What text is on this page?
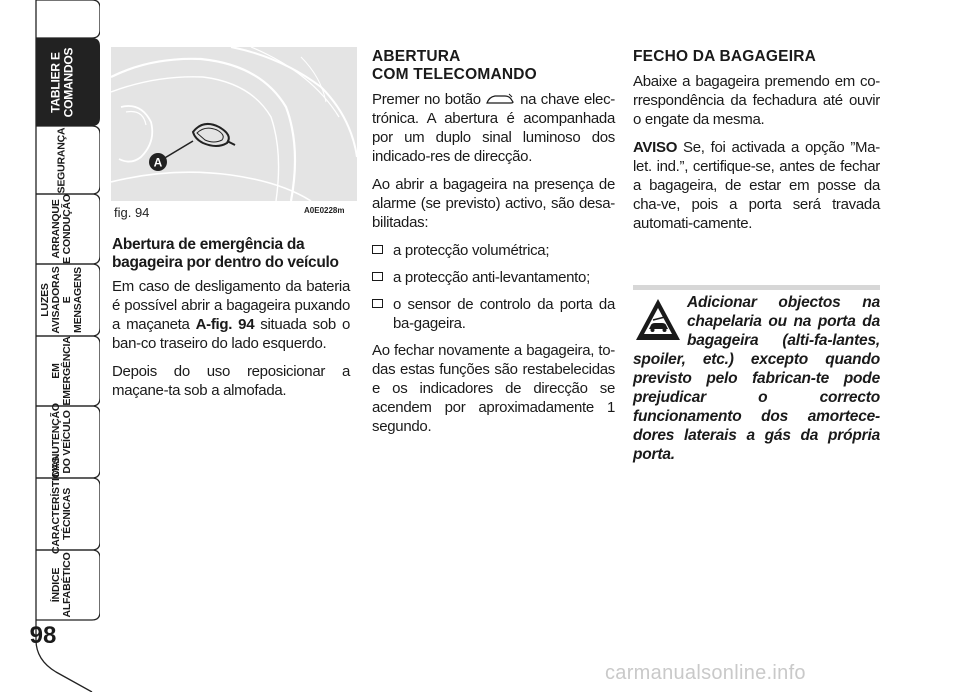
TABLIER E
COMANDOS
SEGURANÇA
ARRANQUE
E CONDUÇÃO
LUZES
AVISADORAS
E MENSAGENS
EM EMERGÊNCIA
MANUTENÇÃO
DO VEÍCULO
CARACTERÍSTICAS
TÉCNICAS
ÍNDICE
ALFABÉTICO
98
A
fig. 94	A0E0228m
Abertura de emergência da bagageira por dentro do veículo

Em caso de desligamento da bateria é possível abrir a bagageira puxando a maçaneta A-fig. 94 situada sob o ban-co traseiro do lado esquerdo.

Depois do uso reposicionar a maçane-ta sob a almofada.

ABERTURA
COM TELECOMANDO

Premer no botão  na chave elec-trónica. A abertura é acompanhada por um duplo sinal luminoso dos indicado-res de direcção.

Ao abrir a bagageira na presença de alarme (se previsto) activo, são desa-bilitadas:

a protecção volumétrica;
a protecção anti-levantamento;
o sensor de controlo da porta da ba-gageira.

Ao fechar novamente a bagageira, to-das estas funções são restabelecidas e os indicadores de direcção se acendem por aproximadamente 1 segundo.

FECHO DA BAGAGEIRA

Abaixe a bagageira premendo em co-rrespondência da fechadura até ouvir o engate da mesma.

AVISO Se, foi activada a opção ”Ma-let. ind.”, certifique-se, antes de fechar a bagageira, de estar em posse da cha-ve, pois a porta será travada automati-camente.

Adicionar objectos na chapelaria ou na porta da bagageira (alti-fa-lantes, spoiler, etc.) excepto quando previsto pelo fabrican-te pode prejudicar o correcto funcionamento dos amortece-dores laterais a gás da própria porta.
carmanualsonline.info
